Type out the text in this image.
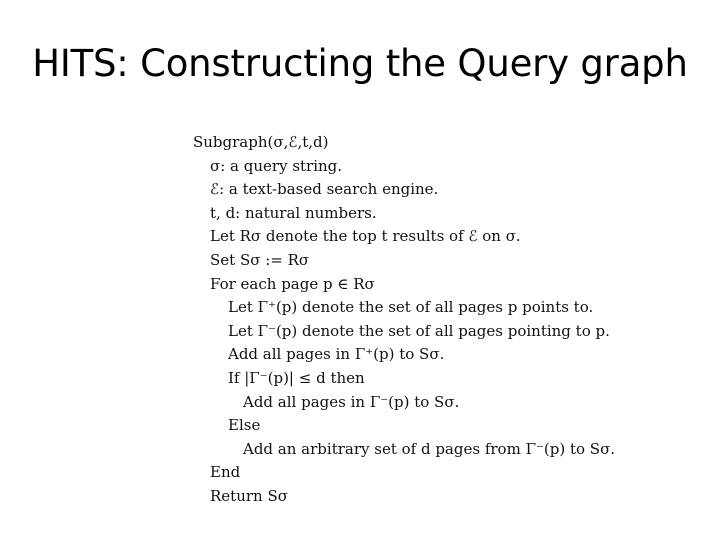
HITS: Constructing the Query graph
Subgraph(σ,ℰ,t,d)
σ: a query string.
ℰ: a text-based search engine.
t, d: natural numbers.
Let Rσ denote the top t results of ℰ on σ.
Set Sσ := Rσ
For each page p ∈ Rσ
Let Γ⁺(p) denote the set of all pages p points to.
Let Γ⁻(p) denote the set of all pages pointing to p.
Add all pages in Γ⁺(p) to Sσ.
If |Γ⁻(p)| ≤ d then
Add all pages in Γ⁻(p) to Sσ.
Else
Add an arbitrary set of d pages from Γ⁻(p) to Sσ.
End
Return Sσ
